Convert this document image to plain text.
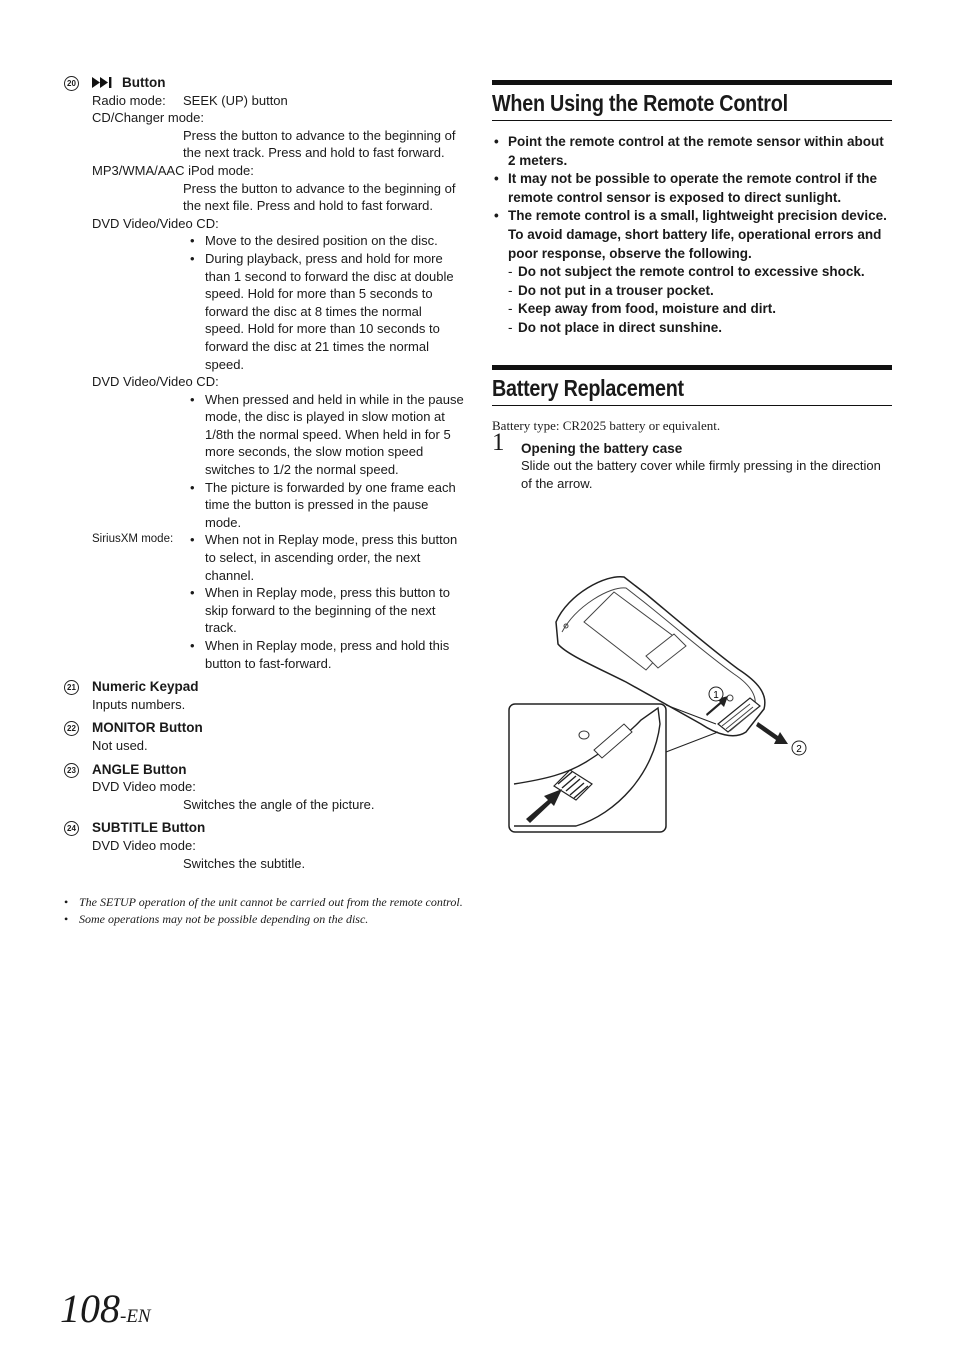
20	Button
Radio mode:	SEEK (UP) button
CD/Changer mode:
Press the button to advance to the beginning of the next track. Press and hold to fast forward.
MP3/WMA/AAC iPod mode:
Press the button to advance to the beginning of the next file. Press and hold to fast forward.
DVD Video/Video CD:
• Move to the desired position on the disc.
• During playback, press and hold for more than 1 second to forward the disc at double speed. Hold for more than 5 seconds to forward the disc at 8 times the normal speed. Hold for more than 10 seconds to forward the disc at 21 times the normal speed.
DVD Video/Video CD:
• When pressed and held in while in the pause mode, the disc is played in slow motion at 1/8th the normal speed. When held in for 5 more seconds, the slow motion speed switches to 1/2 the normal speed.
• The picture is forwarded by one frame each time the button is pressed in the pause mode.
SiriusXM mode:
•	When not in Replay mode, press this button to select, in ascending order, the next channel.
• When in Replay mode, press this button to skip forward to the beginning of the next track.
• When in Replay mode, press and hold this button to fast-forward.
21 Numeric Keypad
Inputs numbers.
22 MONITOR Button
Not used.
23 ANGLE Button
DVD Video mode:
Switches the angle of the picture.
24 SUBTITLE Button
DVD Video mode:
Switches the subtitle.
• The SETUP operation of the unit cannot be carried out from the remote control.
• Some operations may not be possible depending on the disc.
When Using the Remote Control
• Point the remote control at the remote sensor within about 2 meters.
• It may not be possible to operate the remote control if the remote control sensor is exposed to direct sunlight.
• The remote control is a small, lightweight precision device. To avoid damage, short battery life, operational errors and poor response, observe the following.
- Do not subject the remote control to excessive shock.
- Do not put in a trouser pocket.
- Keep away from food, moisture and dirt.
- Do not place in direct sunshine.
Battery Replacement
Battery type: CR2025 battery or equivalent.
1 Opening the battery case
Slide out the battery cover while firmly pressing in the direction of the arrow.
1
2
108-EN
